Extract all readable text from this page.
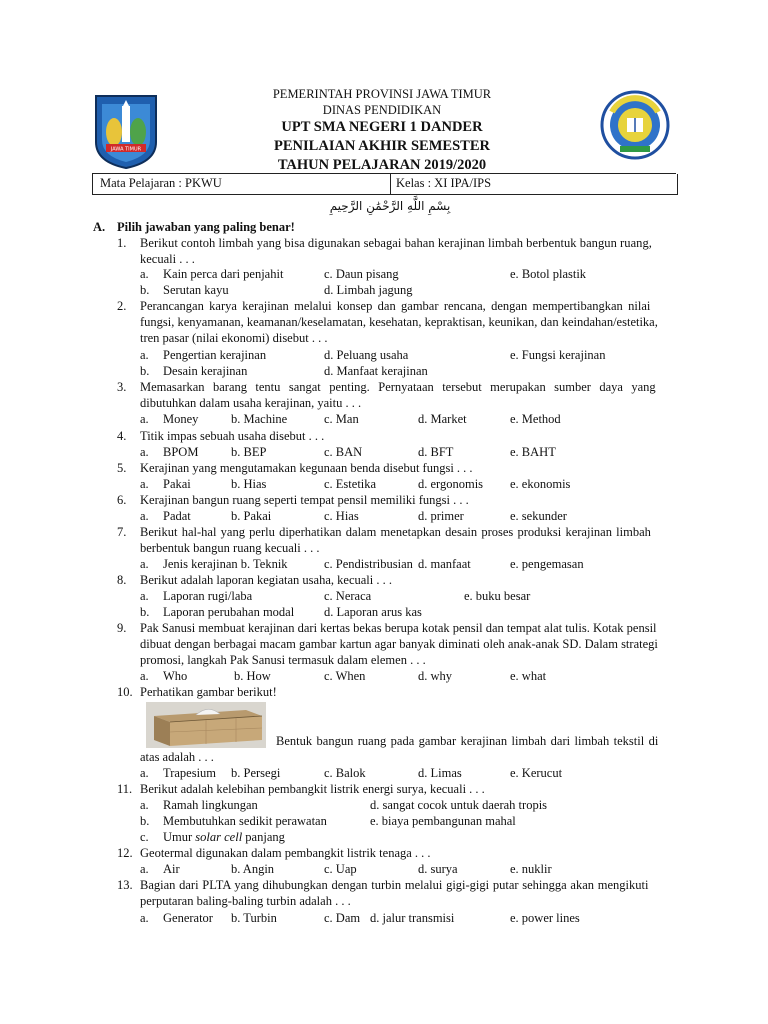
JAWA TIMUR
PEMERINTAH PROVINSI JAWA TIMUR
DINAS PENDIDIKAN
UPT SMA NEGERI 1 DANDER
PENILAIAN AKHIR SEMESTER
TAHUN PELAJARAN 2019/2020
Mata Pelajaran : PKWU	Kelas : XI IPA/IPS
بِسْمِ اللَّهِ الرَّحْمَٰنِ الرَّحِيمِ
A. Pilih jawaban yang paling benar!
1. Berikut contoh limbah yang bisa digunakan sebagai bahan kerajinan limbah berbentuk bangun ruang,
kecuali . . .
a. Kain perca dari penjahit	c. Daun pisang	e. Botol plastik
b. Serutan kayu	d. Limbah jagung
2. Perancangan karya kerajinan melalui konsep dan gambar rencana, dengan mempertibangkan nilai
fungsi, kenyamanan, keamanan/keselamatan, kesehatan, kepraktisan, keunikan, dan keindahan/estetika,
tren pasar (nilai ekonomi) disebut . . .
a. Pengertian kerajinan	d. Peluang usaha	e. Fungsi kerajinan
b. Desain kerajinan	d. Manfaat kerajinan
3. Memasarkan barang tentu sangat penting. Pernyataan tersebut merupakan sumber daya yang
dibutuhkan dalam usaha kerajinan, yaitu . . .
a. Money	b. Machine	c. Man	d. Market	e. Method
4. Titik impas sebuah usaha disebut . . .
a. BPOM	b. BEP	c. BAN	d. BFT	e. BAHT
5. Kerajinan yang mengutamakan kegunaan benda disebut fungsi . . .
a. Pakai	b. Hias	c. Estetika	d. ergonomis e. ekonomis
6. Kerajinan bangun ruang seperti tempat pensil memiliki fungsi . . .
a. Padat	b. Pakai	c. Hias	d. primer	e. sekunder
7. Berikut hal-hal yang perlu diperhatikan dalam menetapkan desain proses produksi kerajinan limbah
berbentuk bangun ruang kecuali . . .
a. Jenis kerajinan b. Teknik	c. Pendistribusian d. manfaat	e. pengemasan
8. Berikut adalah laporan kegiatan usaha, kecuali . . .
a. Laporan rugi/laba	c. Neraca	e. buku besar
b. Laporan perubahan modal d. Laporan arus kas
9. Pak Sanusi membuat kerajinan dari kertas bekas berupa kotak pensil dan tempat alat tulis. Kotak pensil
dibuat dengan berbagai macam gambar kartun agar banyak diminati oleh anak-anak SD. Dalam strategi
promosi, langkah Pak Sanusi termasuk dalam elemen . . .
a. Who	b. How	c. When	d. why	e. what
10. Perhatikan gambar berikut!
Bentuk bangun ruang pada gambar kerajinan limbah dari limbah tekstil di
atas adalah . . .
a. Trapesium b. Persegi	c. Balok	d. Limas	e. Kerucut
11. Berikut adalah kelebihan pembangkit listrik energi surya, kecuali . . .
a. Ramah lingkungan	d. sangat cocok untuk daerah tropis
b. Membutuhkan sedikit perawatan	e. biaya pembangunan mahal
c. Umur solar cell panjang
12. Geotermal digunakan dalam pembangkit listrik tenaga . . .
a. Air	b. Angin	c. Uap	d. surya	e. nuklir
13. Bagian dari PLTA yang dihubungkan dengan turbin melalui gigi-gigi putar sehingga akan mengikuti
perputaran baling-baling turbin adalah . . .
a. Generator b. Turbin	c. Dam d. jalur transmisi	e. power lines
